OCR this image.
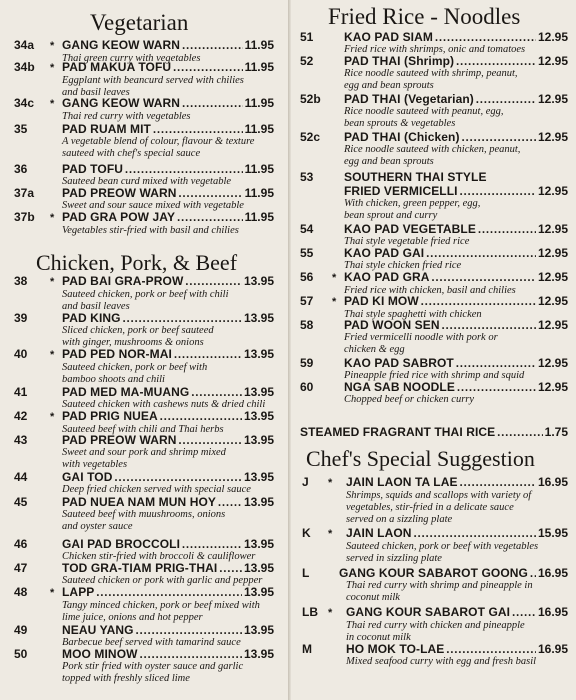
Vegetarian
34a	* GANG KEOW WARN .....	11.95
Thai green curry with vegetables
34b	* PAD MAKUA TOFU .....	11.95
Eggplant with beancurd served with chilies
and basil leaves
34c	* GANG KEOW WARN .....	11.95
Thai red curry with vegetables
35	PAD RUAM MIT .....	11.95
A vegetable blend of colour, flavour & texture
sauteed with chef's special sauce
36	PAD TOFU .....	11.95
Sauteed bean curd mixed with vegetable
37a	PAD PREOW WARN .....	11.95
Sweet and sour sauce mixed with vegetable
37b	* PAD GRA POW JAY .....	11.95
Vegetables stir-fried with basil and chilies
Chicken, Pork, & Beef
38	* PAD BAI GRA-PROW .....	13.95
Sauteed chicken, pork or beef with chili
and basil leaves
39	PAD KING .....	13.95
Sliced chicken, pork or beef sauteed
with ginger, mushrooms & onions
40	* PAD PED NOR-MAI .....	13.95
Sauteed chicken, pork or beef with
bamboo shoots and chili
41	PAD MED MA-MUANG .....	13.95
Sauteed chicken with cashews nuts & dried chili
42	* PAD PRIG NUEA .....	13.95
Sauteed beef with chili and Thai herbs
43	PAD PREOW WARN .....	13.95
Sweet and sour pork and shrimp mixed
with vegetables
44	GAI TOD .....	13.95
Deep fried chicken served with special sauce
45	PAD NUEA NAM MUN HOY ..... 13.95
Sauteed beef with muushrooms, onions
and oyster sauce
46	GAI PAD BROCCOLI .....	13.95
Chicken stir-fried with broccoli & cauliflower
47	TOD GRA-TIAM PRIG-THAI ..... 13.95
Sauteed chicken or pork with garlic and pepper
48	* LAPP .....	13.95
Tangy minced chicken, pork or beef mixed with
lime juice, onions and hot pepper
49	NEAU YANG .....	13.95
Barbecue beef served with tamarind sauce
50	MOO MINOW .....	13.95
Pork stir fried with oyster sauce and garlic
topped with freshly sliced lime
Fried Rice - Noodles
51	KAO PAD SIAM .....	12.95
Fried rice with shrimps, onic and tomatoes
52	PAD THAI (Shrimp) .....	12.95
Rice noodle sauteed with shrimp, peanut,
egg and bean sprouts
52b	PAD THAI (Vegetarian) .....	12.95
Rice noodle sauteed with peanut, egg,
bean sprouts & vegetables
52c	PAD THAI (Chicken) .....	12.95
Rice noodle sauteed with chicken, peanut,
egg and bean sprouts
53	SOUTHERN THAI STYLE
FRIED VERMICELLI .....	12.95
With chicken, green pepper, egg,
bean sprout and curry
54	KAO PAD VEGETABLE .....	12.95
Thai style vegetable fried rice
55	KAO PAD GAI .....	12.95
Thai style chicken fried rice
56	* KAO PAD GRA .....	12.95
Fried rice with chicken, basil and chilies
57	* PAD KI MOW .....	12.95
Thai style spaghetti with chicken
58	PAD WOON SEN .....	12.95
Fried vermicelli noodle with pork or
chicken & egg
59	KAO PAD SABROT .....	12.95
Pineapple fried rice with shrimp and squid
60	NGA SAB NOODLE .....	12.95
Chopped beef or chicken curry
STEAMED FRAGRANT THAI RICE .....	1.75
Chef's Special Suggestion
J	*	JAIN LAON TA LAE .....	16.95
Shrimps, squids and scallops with variety of
vegetables, stir-fried in a delicate sauce
served on a sizzling plate
K	*	JAIN LAON .....	15.95
Sauteed chicken, pork or beef with vegetables
served in sizzling plate
L	GANG KOUR SABAROT GOONG ..... 16.95
Thai red curry with shrimp and pineapple in
coconut milk
LB *	GANG KOUR SABAROT GAI ..... 16.95
Thai red curry with chicken and pineapple
in coconut milk
M	HO MOK TO-LAE .....	16.95
Mixed seafood curry with egg and fresh basil
